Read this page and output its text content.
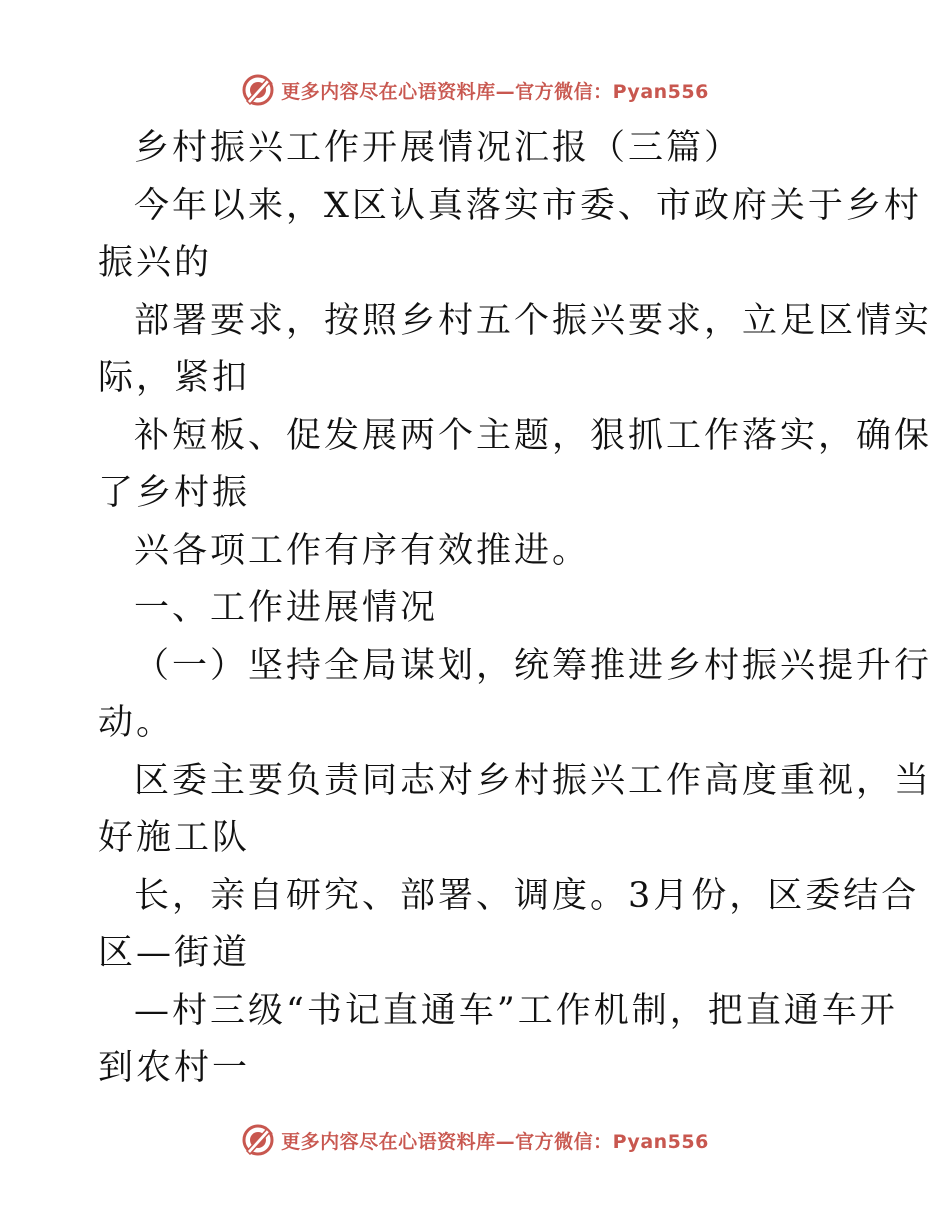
更多内容尽在心语资料库—官方微信：Pyan556
乡村振兴工作开展情况汇报（三篇）
今年以来，X区认真落实市委、市政府关于乡村
振兴的
部署要求，按照乡村五个振兴要求，立足区情实
际，紧扣
补短板、促发展两个主题，狠抓工作落实，确保
了乡村振
兴各项工作有序有效推进。
一、工作进展情况
（一）坚持全局谋划，统筹推进乡村振兴提升行
动。
区委主要负责同志对乡村振兴工作高度重视，当
好施工队
长，亲自研究、部署、调度。3月份，区委结合
区—街道
—村三级“书记直通车”工作机制，把直通车开
到农村一
更多内容尽在心语资料库—官方微信：Pyan556
